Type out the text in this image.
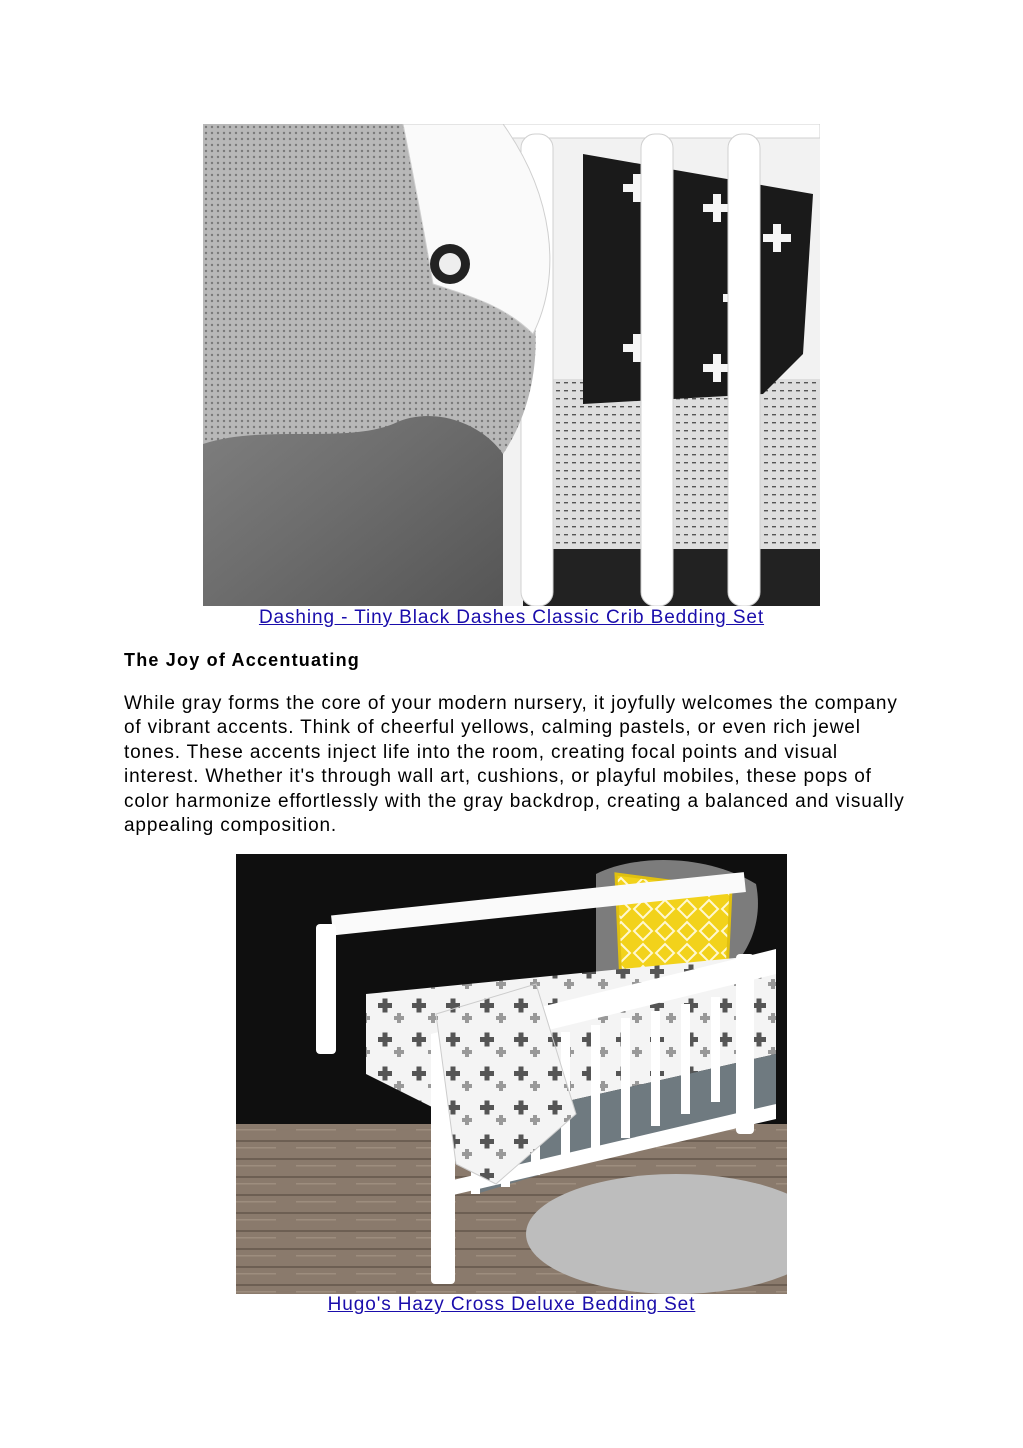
Dashing - Tiny Black Dashes Classic Crib Bedding Set
The Joy of Accentuating

While gray forms the core of your modern nursery, it joyfully welcomes the company of vibrant accents. Think of cheerful yellows, calming pastels, or even rich jewel tones. These accents inject life into the room, creating focal points and visual interest. Whether it's through wall art, cushions, or playful mobiles, these pops of color harmonize effortlessly with the gray backdrop, creating a balanced and visually appealing composition.

Hugo's Hazy Cross Deluxe Bedding Set
